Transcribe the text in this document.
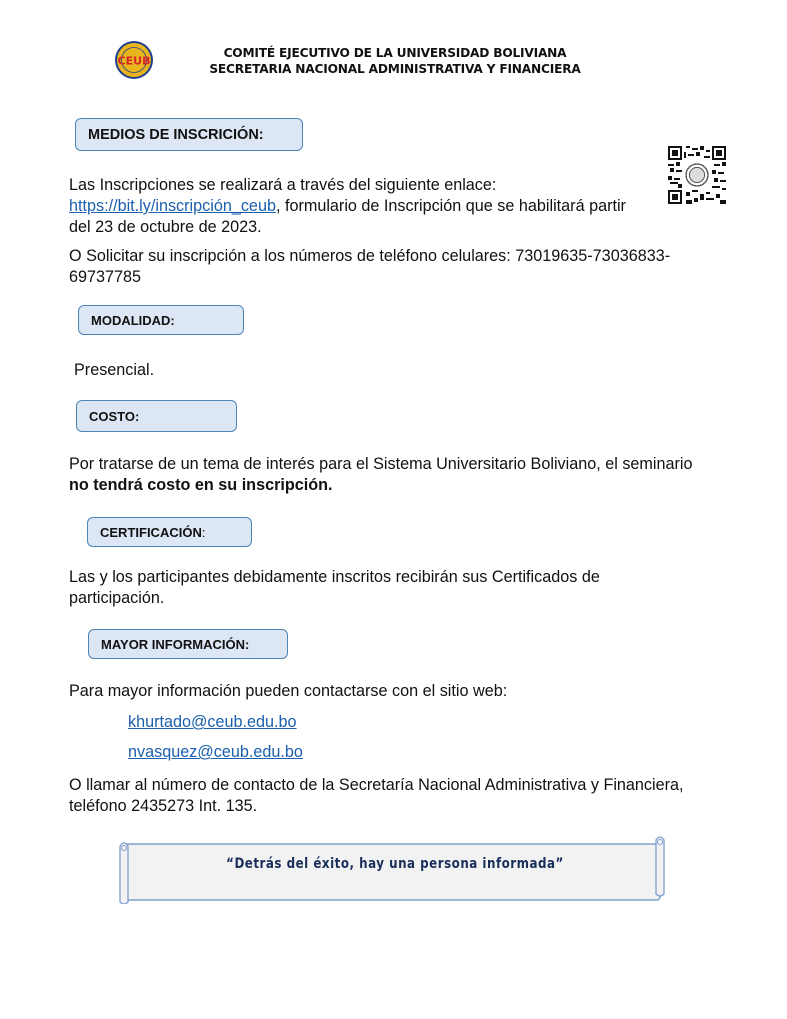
CEUB
COMITÉ EJECUTIVO DE LA UNIVERSIDAD BOLIVIANA
SECRETARIA NACIONAL ADMINISTRATIVA Y FINANCIERA
MEDIOS DE INSCRICIÓN:
Las Inscripciones se realizará a través del siguiente enlace:
https://bit.ly/inscripción_ceub, formulario de Inscripción que se habilitará partir
del 23 de octubre de 2023.
O Solicitar su inscripción a los números de teléfono celulares: 73019635-73036833-
69737785
MODALIDAD:
Presencial.
COSTO:
Por tratarse de un tema de interés para el Sistema Universitario Boliviano, el seminario
no tendrá costo en su inscripción.
CERTIFICACIÓN :
Las y los participantes debidamente inscritos recibirán sus Certificados de
participación.
MAYOR INFORMACIÓN:
Para mayor información pueden contactarse con el sitio web:
khurtado@ceub.edu.bo
nvasquez@ceub.edu.bo
O llamar al número de contacto de la Secretaría Nacional Administrativa y Financiera,
teléfono 2435273 Int. 135.
“Detrás del éxito, hay una persona informada”
